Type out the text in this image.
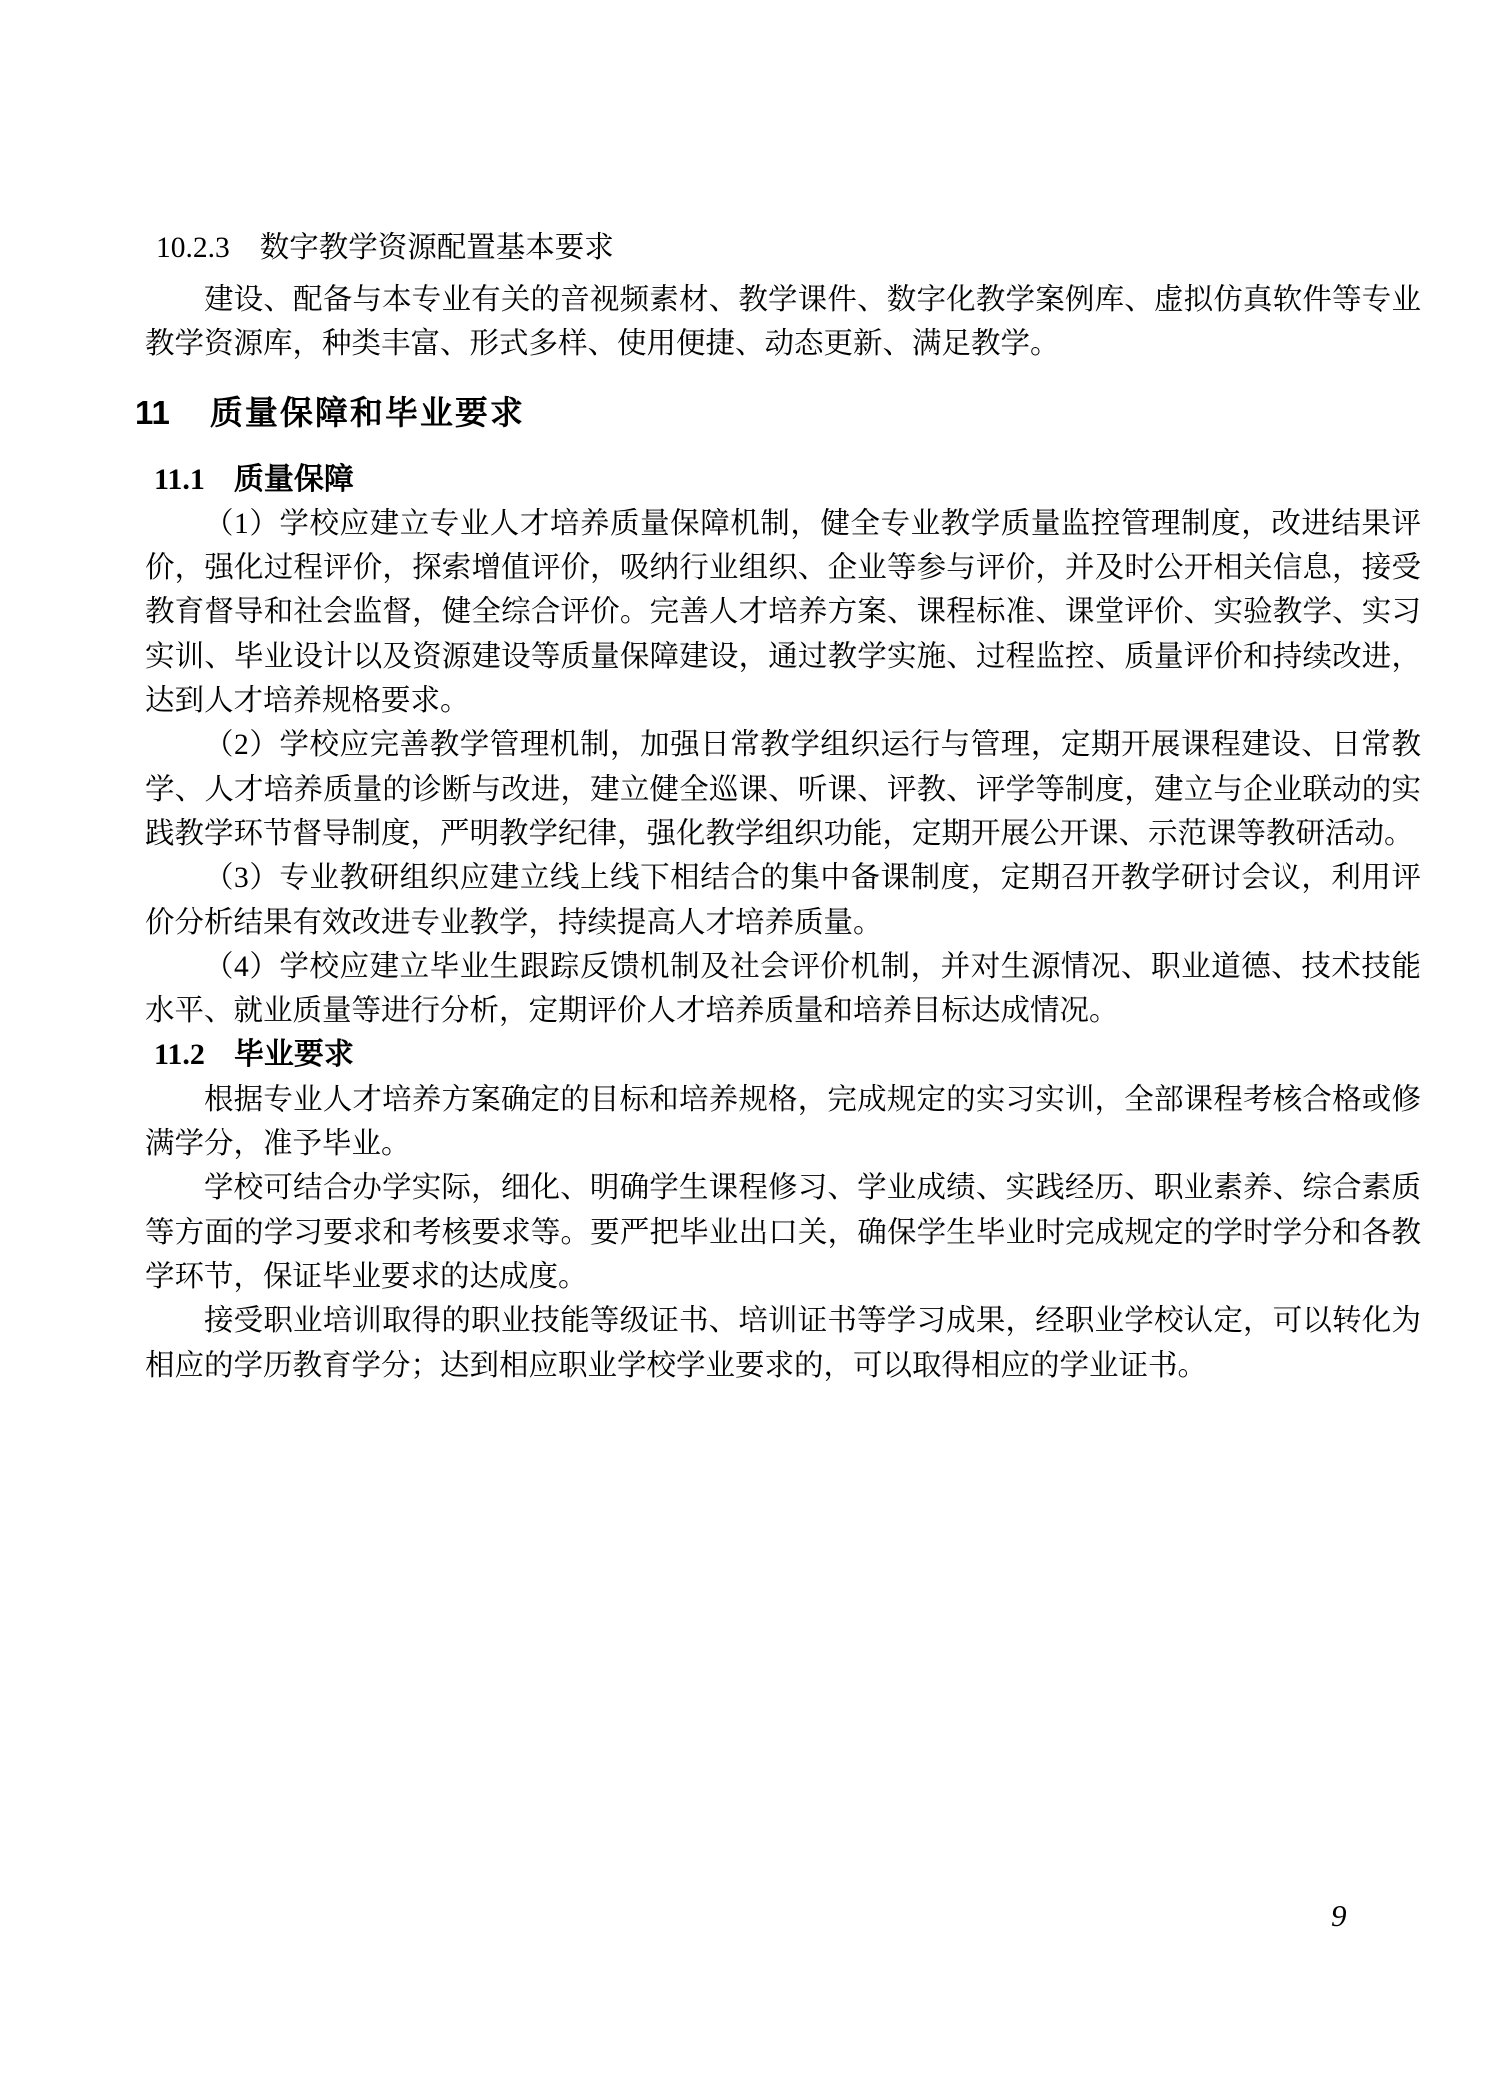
10.2.3 数字教学资源配置基本要求

建设、配备与本专业有关的音视频素材、教学课件、数字化教学案例库、虚拟仿真软件等专业教学资源库，种类丰富、形式多样、使用便捷、动态更新、满足教学。

11 质量保障和毕业要求
11.1 质量保障

（1）学校应建立专业人才培养质量保障机制，健全专业教学质量监控管理制度，改进结果评价，强化过程评价，探索增值评价，吸纳行业组织、企业等参与评价，并及时公开相关信息，接受教育督导和社会监督，健全综合评价。完善人才培养方案、课程标准、课堂评价、实验教学、实习实训、毕业设计以及资源建设等质量保障建设，通过教学实施、过程监控、质量评价和持续改进，达到人才培养规格要求。

（2）学校应完善教学管理机制，加强日常教学组织运行与管理，定期开展课程建设、日常教学、人才培养质量的诊断与改进，建立健全巡课、听课、评教、评学等制度，建立与企业联动的实践教学环节督导制度，严明教学纪律，强化教学组织功能，定期开展公开课、示范课等教研活动。

（3）专业教研组织应建立线上线下相结合的集中备课制度，定期召开教学研讨会议，利用评价分析结果有效改进专业教学，持续提高人才培养质量。

（4）学校应建立毕业生跟踪反馈机制及社会评价机制，并对生源情况、职业道德、技术技能水平、就业质量等进行分析，定期评价人才培养质量和培养目标达成情况。

11.2 毕业要求

根据专业人才培养方案确定的目标和培养规格，完成规定的实习实训，全部课程考核合格或修满学分，准予毕业。

学校可结合办学实际，细化、明确学生课程修习、学业成绩、实践经历、职业素养、综合素质等方面的学习要求和考核要求等。要严把毕业出口关，确保学生毕业时完成规定的学时学分和各教学环节，保证毕业要求的达成度。

接受职业培训取得的职业技能等级证书、培训证书等学习成果，经职业学校认定，可以转化为相应的学历教育学分；达到相应职业学校学业要求的，可以取得相应的学业证书。

9
